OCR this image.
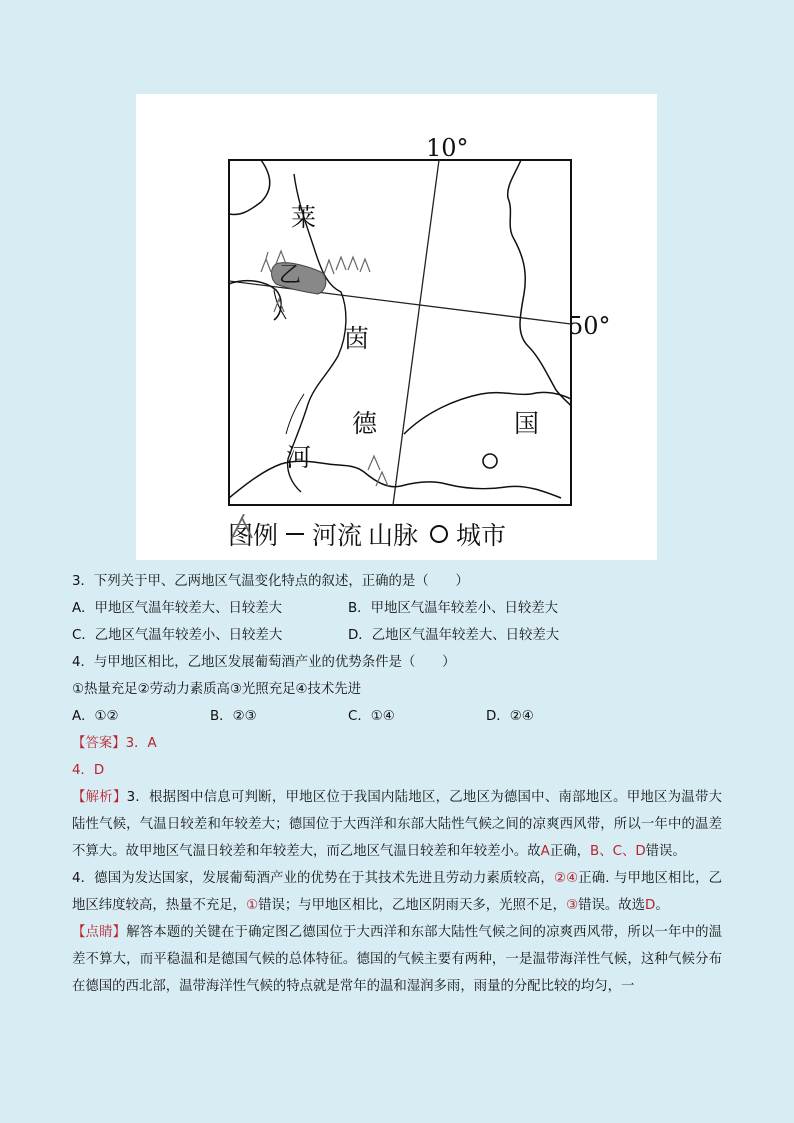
10°
50°
乙
莱
茵
河
德	国
图例 河流 山脉 城市
3．下列关于甲、乙两地区气温变化特点的叙述，正确的是（　　）
A．甲地区气温年较差大、日较差大	B．甲地区气温年较差小、日较差大
C．乙地区气温年较差小、日较差大	D．乙地区气温年较差大、日较差大
4．与甲地区相比，乙地区发展葡萄酒产业的优势条件是（　　）
①热量充足②劳动力素质高③光照充足④技术先进
A．①②	B．②③	C．①④	D．②④
【答案】3．A
4．D
【解析】3．根据图中信息可判断，甲地区位于我国内陆地区，乙地区为德国中、南部地区。甲地区为温带大陆性气候，气温日较差和年较差大；德国位于大西洋和东部大陆性气候之间的凉爽西风带，所以一年中的温差不算大。故甲地区气温日较差和年较差大，而乙地区气温日较差和年较差小。故A正确，B、C、D错误。
4．德国为发达国家，发展葡萄酒产业的优势在于其技术先进且劳动力素质较高，②④正确. 与甲地区相比，乙地区纬度较高，热量不充足，①错误；与甲地区相比，乙地区阴雨天多，光照不足，③错误。故选D。
【点睛】解答本题的关键在于确定图乙德国位于大西洋和东部大陆性气候之间的凉爽西风带，所以一年中的温差不算大，而平稳温和是德国气候的总体特征。德国的气候主要有两种，一是温带海洋性气候，这种气候分布在德国的西北部，温带海洋性气候的特点就是常年的温和湿润多雨，雨量的分配比较的均匀，一
